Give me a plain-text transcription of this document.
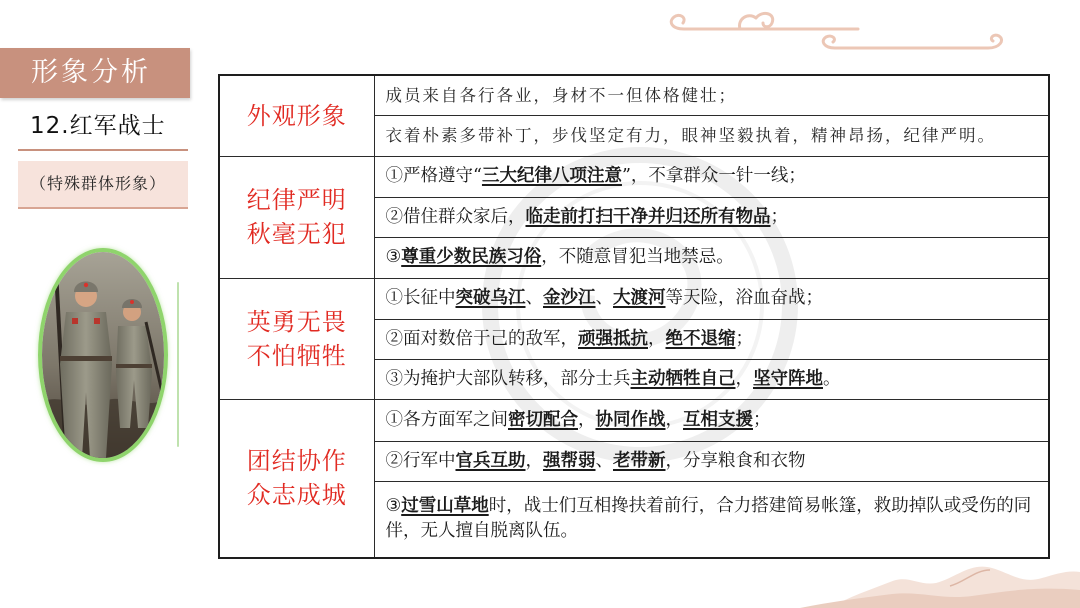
形象分析
12.红军战士
（特殊群体形象）
外观形象	成员来自各行各业，身材不一但体格健壮；
	衣着朴素多带补丁，步伐坚定有力，眼神坚毅执着，精神昂扬，纪律严明。

纪律严明
秋毫无犯	①严格遵守“三大纪律八项注意”，不拿群众一针一线；
	②借住群众家后，临走前打扫干净并归还所有物品；
	③尊重少数民族习俗，不随意冒犯当地禁忌。

英勇无畏
不怕牺牲	①长征中突破乌江、金沙江、大渡河等天险，浴血奋战；
	②面对数倍于己的敌军，顽强抵抗，绝不退缩；
	③为掩护大部队转移，部分士兵主动牺牲自己，坚守阵地。

团结协作
众志成城	①各方面军之间密切配合，协同作战，互相支援；
	②行军中官兵互助，强帮弱、老带新，分享粮食和衣物
	③过雪山草地时，战士们互相搀扶着前行，合力搭建简易帐篷，救助掉队或受伤的同伴，无人擅自脱离队伍。
